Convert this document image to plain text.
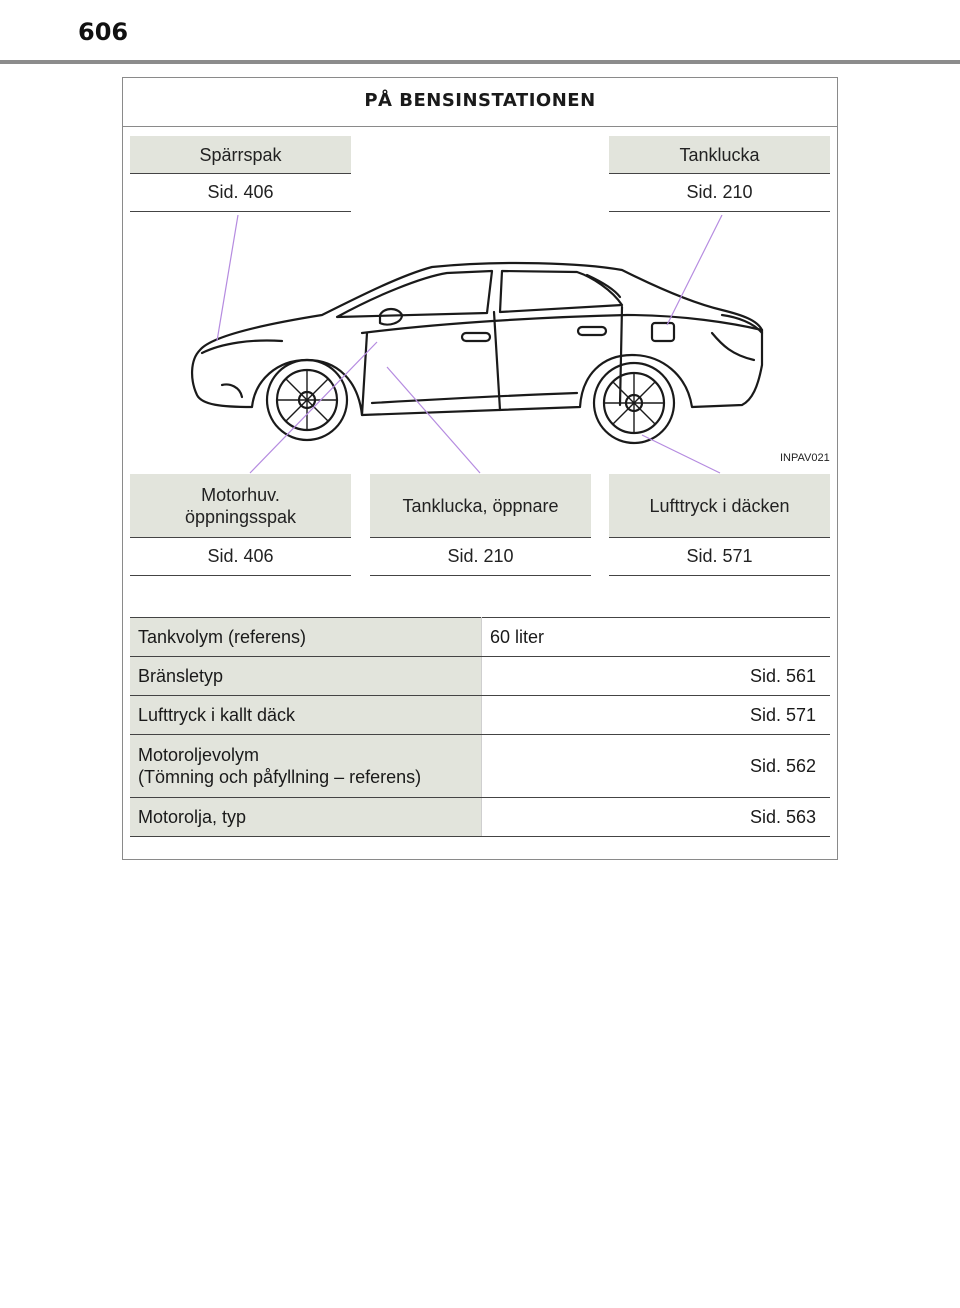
606
PÅ BENSINSTATIONEN
Spärrspak
Sid. 406
Tanklucka
Sid. 210
INPAV021
Motorhuv.
öppningsspak
Sid. 406
Tanklucka, öppnare
Sid. 210
Lufttryck i däcken
Sid. 571
Tankvolym (referens)	60 liter
Bränsletyp	Sid. 561
Lufttryck i kallt däck	Sid. 571

Motoroljevolym
(Tömning och påfyllning – referens)	Sid. 562
Motorolja, typ	Sid. 563
